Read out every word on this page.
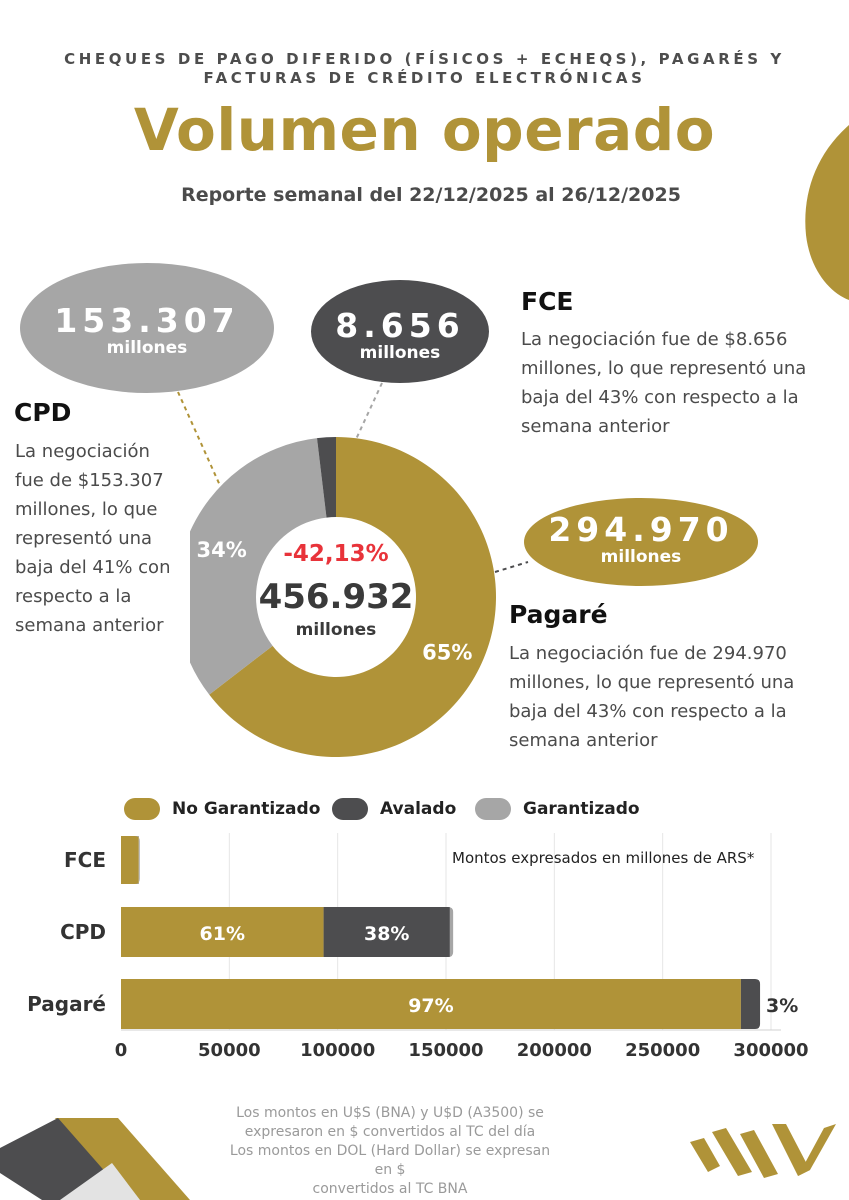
CHEQUES DE PAGO DIFERIDO (FÍSICOS + ECHEQS), PAGARÉS Y FACTURAS DE CRÉDITO ELECTRÓNICAS
Volumen operado
Reporte semanal del 22/12/2025 al 26/12/2025
153.307
millones
8.656
millones
294.970
millones
FCE
La negociación fue de $8.656
millones, lo que representó una
baja del 43% con respecto a la
semana anterior
CPD
La negociación
fue de $153.307
millones, lo que
representó una
baja del 41% con
respecto a la
semana anterior	Pagaré
La negociación fue de 294.970
millones, lo que representó una
baja del 43% con respecto a la
semana anterior
65%
34% -42,13%
456.932
millones
No Garantizado	Avalado	Garantizado
0	50000 100000 150000 200000 250000 300000
FCE
CPD	61%	38%
Pagaré	97%	3%
Montos expresados en millones de ARS*
Los montos en U$S (BNA) y U$D (A3500) se
expresaron en $ convertidos al TC del día
Los montos en DOL (Hard Dollar) se expresan en $
convertidos al TC BNA
